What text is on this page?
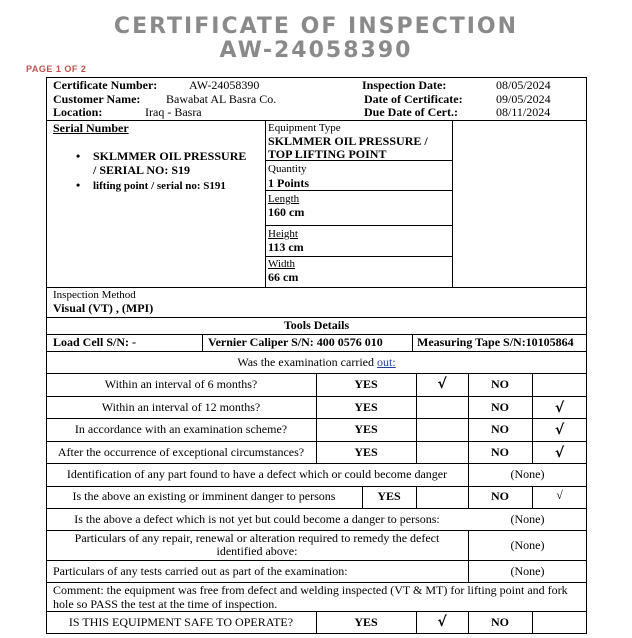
CERTIFICATE OF INSPECTION
AW-24058390
PAGE 1 OF 2
Certificate Number:	AW-24058390
Customer Name: Bawabat AL Basra Co.
Location:	Iraq - Basra
Inspection Date:	08/05/2024
Date of Certificate:	09/05/2024
Due Date of Cert.:	08/11/2024
Serial Number
• SKLMMER OIL PRESSURE
/ SERIAL NO: S19
• lifting point / serial no: S191
Equipment Type
SKLMMER OIL PRESSURE /
TOP LIFTING POINT
Quantity
1 Points
Length
160 cm
Height
113 cm
Width
66 cm
Inspection Method
Visual (VT) , (MPI)
Tools Details
Load Cell S/N: -	Vernier Caliper S/N: 400 0576 010	Measuring Tape S/N:10105864
Was the examination carried out:
Within an interval of 6 months?	YES	√	NO
Within an interval of 12 months?	YES	NO	√
In accordance with an examination scheme?	YES	NO	√
After the occurrence of exceptional circumstances?	YES	NO	√
Identification of any part found to have a defect which or could become danger	(None)
Is the above an existing or imminent danger to persons	YES	NO	√
Is the above a defect which is not yet but could become a danger to persons:	(None)
Particulars of any repair, renewal or alteration required to remedy the defect
identified above:	(None)
Particulars of any tests carried out as part of the examination:	(None)
Comment: the equipment was free from defect and welding inspected (VT & MT) for lifting point and fork
hole so PASS the test at the time of inspection.
IS THIS EQUIPMENT SAFE TO OPERATE?	YES	√	NO
